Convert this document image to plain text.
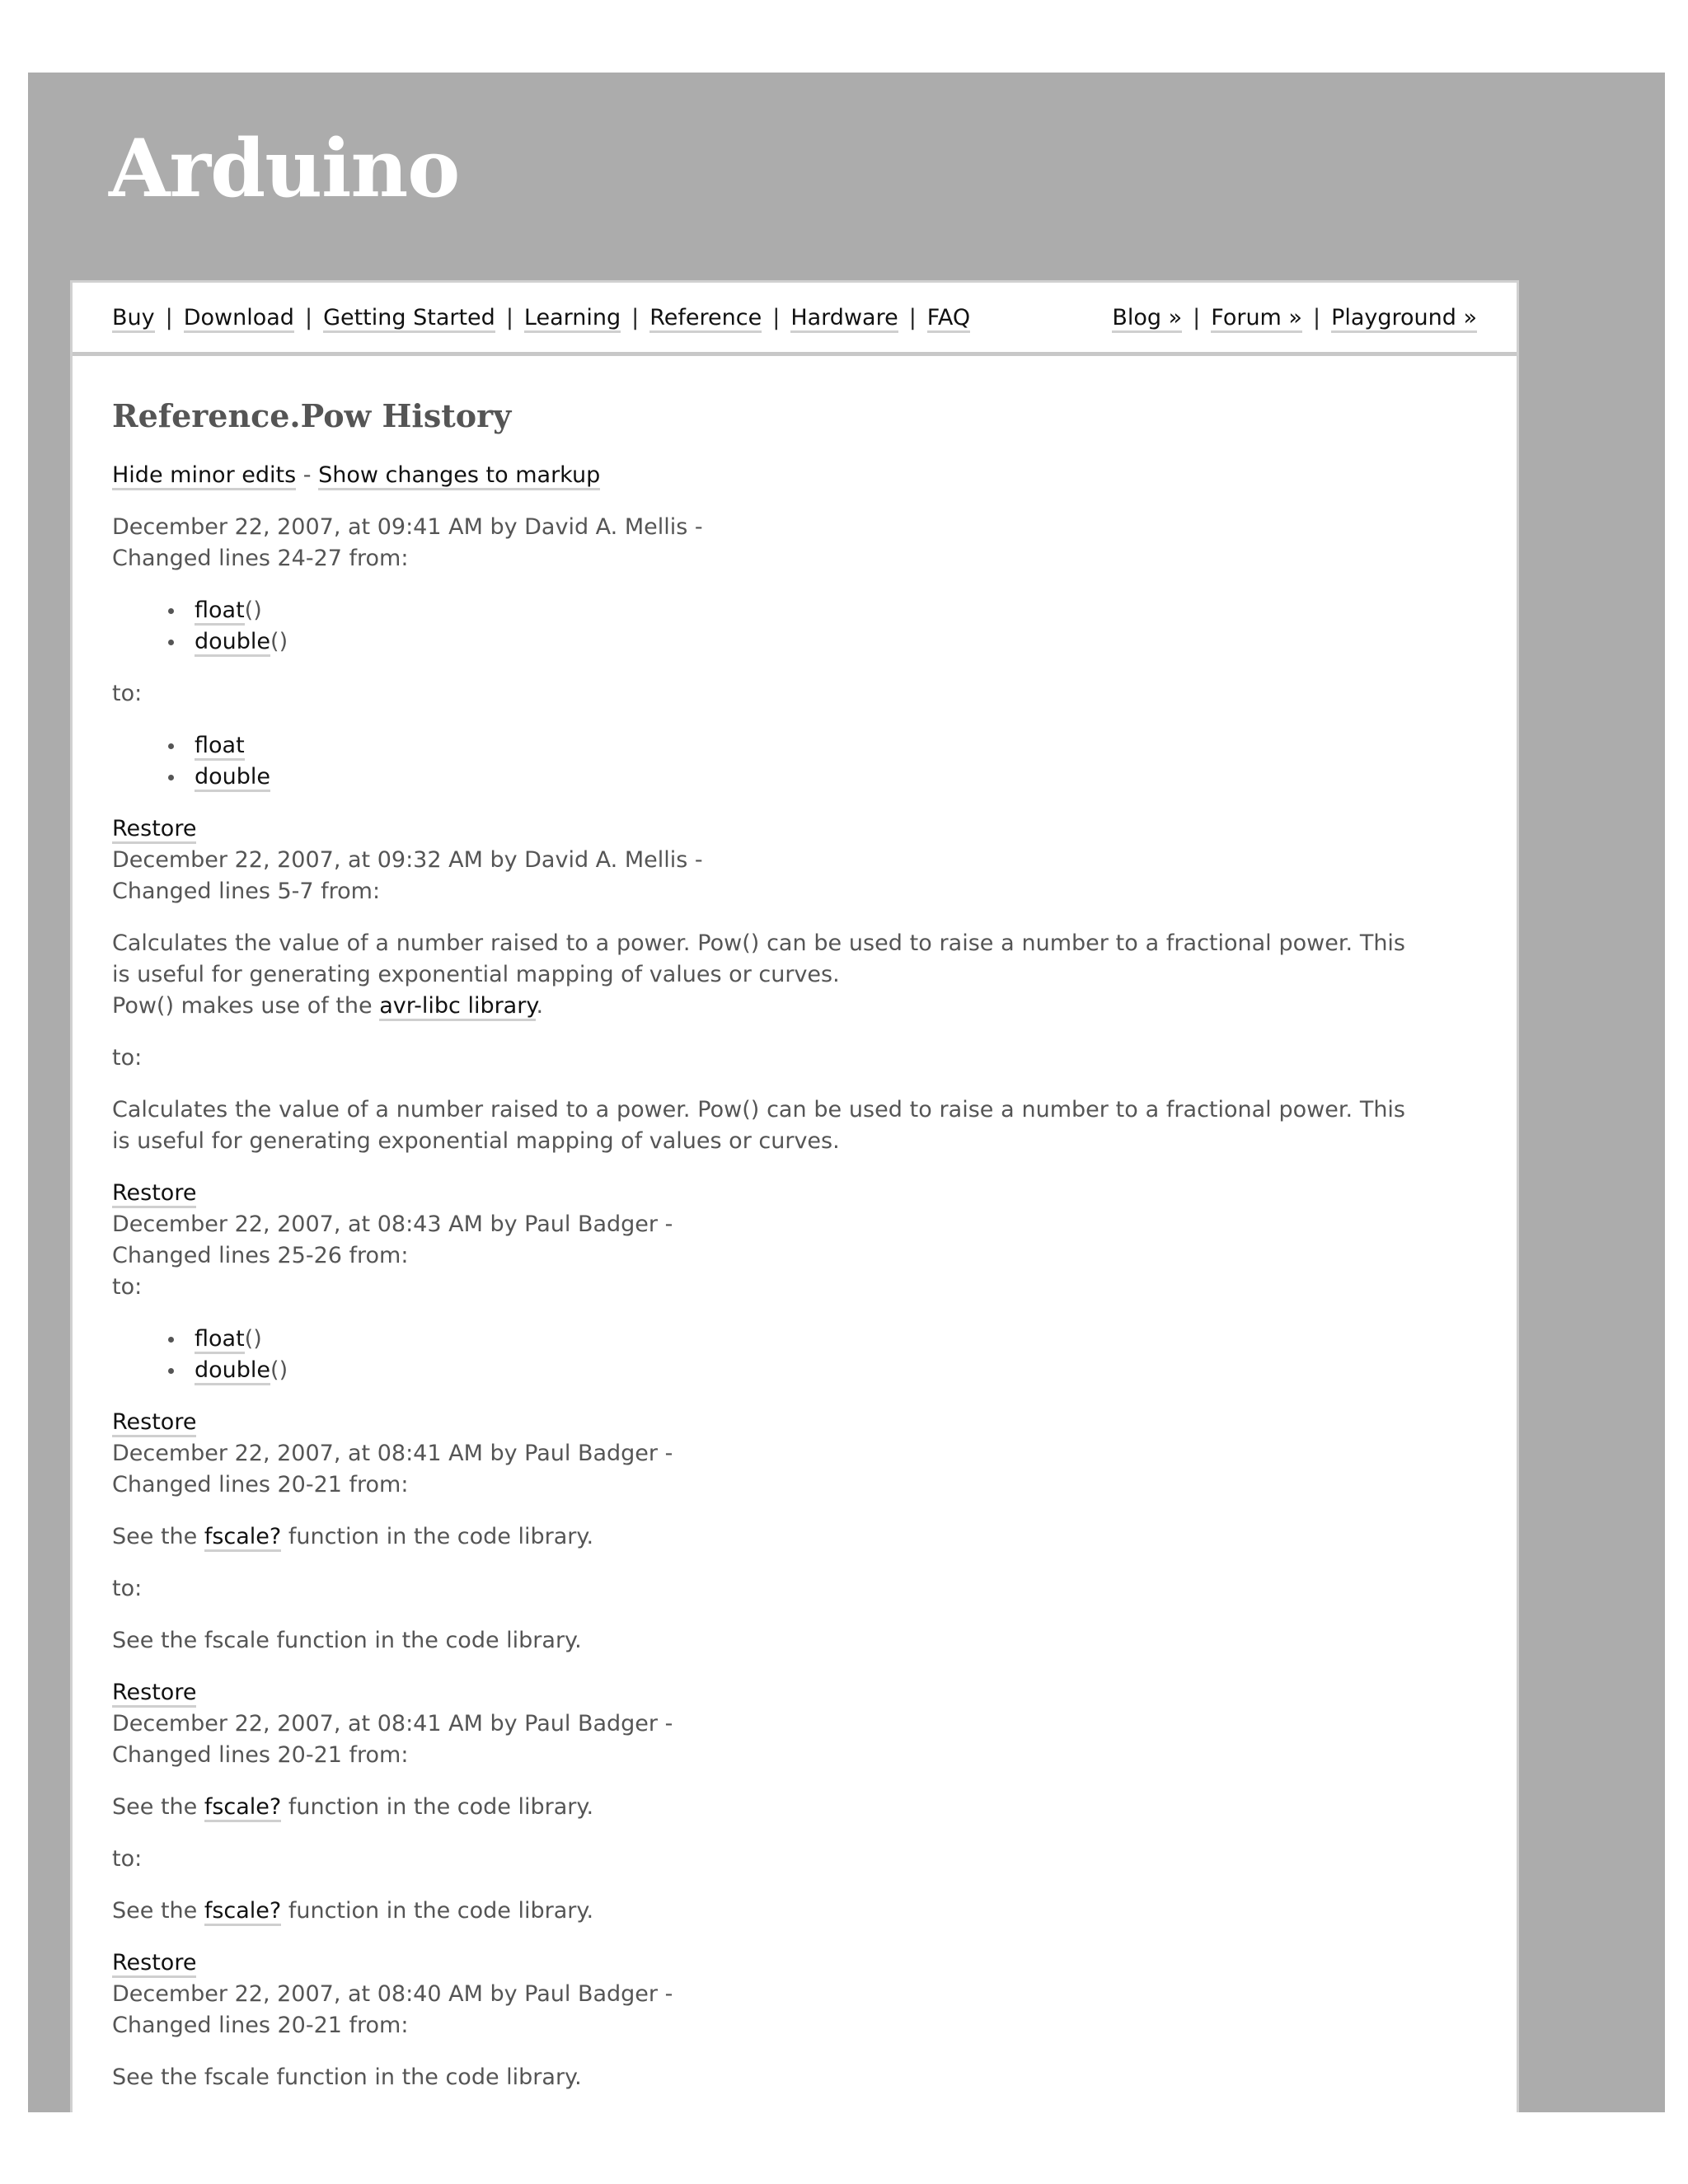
Arduino
Buy | Download | Getting Started | Learning | Reference | Hardware | FAQ	Blog » | Forum » | Playground »
Reference.Pow History

Hide minor edits - Show changes to markup

December 22, 2007, at 09:41 AM by David A. Mellis -
Changed lines 24-27 from:

float()
double()

to:

float
double

Restore
December 22, 2007, at 09:32 AM by David A. Mellis -
Changed lines 5-7 from:

Calculates the value of a number raised to a power. Pow() can be used to raise a number to a fractional power. This is useful for generating exponential mapping of values or curves.
Pow() makes use of the avr-libc library.

to:

Calculates the value of a number raised to a power. Pow() can be used to raise a number to a fractional power. This is useful for generating exponential mapping of values or curves.

Restore
December 22, 2007, at 08:43 AM by Paul Badger -
Changed lines 25-26 from:
to:

float()
double()

Restore
December 22, 2007, at 08:41 AM by Paul Badger -
Changed lines 20-21 from:

See the fscale? function in the code library.

to:

See the fscale function in the code library.

Restore
December 22, 2007, at 08:41 AM by Paul Badger -
Changed lines 20-21 from:

See the fscale? function in the code library.

to:

See the fscale? function in the code library.

Restore
December 22, 2007, at 08:40 AM by Paul Badger -
Changed lines 20-21 from:

See the fscale function in the code library.
